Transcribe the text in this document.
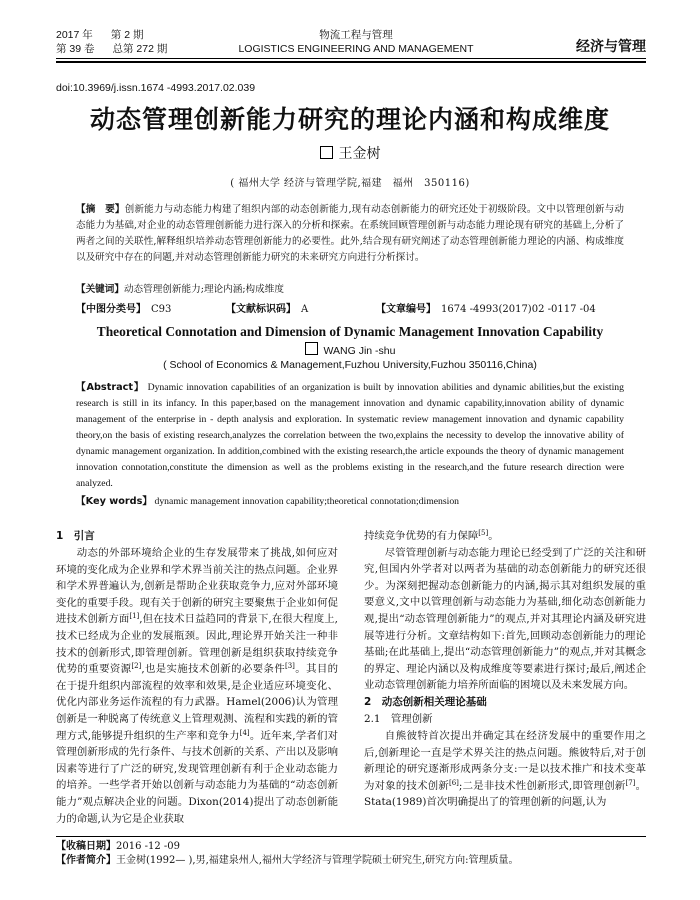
2017 年 第 2 期
第 39 卷 总第 272 期
物流工程与管理
LOGISTICS ENGINEERING AND MANAGEMENT	经济与管理
doi:10.3969/j.issn.1674 -4993.2017.02.039
动态管理创新能力研究的理论内涵和构成维度
王金树
( 福州大学 经济与管理学院,福建　福州　350116)
【摘　要】创新能力与动态能力构建了组织内部的动态创新能力,现有动态创新能力的研究还处于初级阶段。文中以管理创新与动态能力为基础,对企业的动态管理创新能力进行深入的分析和探索。在系统回顾管理创新与动态能力理论现有研究的基础上,分析了两者之间的关联性,解释组织培养动态管理创新能力的必要性。此外,结合现有研究阐述了动态管理创新能力理论的内涵、构成维度以及研究中存在的问题,并对动态管理创新能力研究的未来研究方向进行分析探讨。
【关键词】动态管理创新能力;理论内涵;构成维度
【中图分类号】　 C93	【文献标识码】　 A	【文章编号】　 1674 -4993(2017)02 -0117 -04
Theoretical Connotation and Dimension of Dynamic Management Innovation Capability
WANG Jin -shu
( School of Economics & Management,Fuzhou University,Fuzhou 350116,China)
【Abstract】 Dynamic innovation capabilities of an organization is built by innovation abilities and dynamic abilities,but the existing research is still in its infancy. In this paper,based on the management innovation and dynamic capability,innovation ability of dynamic management of the enterprise in - depth analysis and exploration. In systematic review management innovation and dynamic capability theory,on the basis of existing research,analyzes the correlation between the two,explains the necessity to develop the innovative ability of dynamic management organization. In addition,combined with the existing research,the article expounds the theory of dynamic management innovation connotation,constitute the dimension as well as the problems existing in the research,and the future research direction were analyzed.
【Key words】 dynamic management innovation capability;theoretical connotation;dimension
1　引言

动态的外部环境给企业的生存发展带来了挑战,如何应对环境的变化成为企业界和学术界当前关注的热点问题。企业界和学术界普遍认为,创新是帮助企业获取竞争力,应对外部环境变化的重要手段。现有关于创新的研究主要聚焦于企业如何促进技术创新方面[1],但在技术日益趋同的背景下,在很大程度上,技术已经成为企业的发展瓶颈。因此,理论界开始关注一种非技术的创新形式,即管理创新。管理创新是组织获取持续竞争优势的重要资源[2],也是实施技术创新的必要条件[3]。其目的在于提升组织内部流程的效率和效果,是企业适应环境变化、优化内部业务运作流程的有力武器。Hamel(2006)认为管理创新是一种脱离了传统意义上管理观测、流程和实践的新的管理方式,能够提升组织的生产率和竞争力[4]。近年来,学者们对管理创新形成的先行条件、与技术创新的关系、产出以及影响因素等进行了广泛的研究,发现管理创新有利于企业动态能力的培养。一些学者开始以创新与动态能力为基础的“动态创新能力”观点解决企业的问题。Dixon(2014)提出了动态创新能力的命题,认为它是企业获取

持续竞争优势的有力保障[5]。

尽管管理创新与动态能力理论已经受到了广泛的关注和研究,但国内外学者对以两者为基础的动态创新能力的研究还很少。为深刻把握动态创新能力的内涵,揭示其对组织发展的重要意义,文中以管理创新与动态能力为基础,细化动态创新能力观,提出“动态管理创新能力”的观点,并对其理论内涵及研究进展等进行分析。文章结构如下:首先,回顾动态创新能力的理论基础;在此基础上,提出“动态管理创新能力”的观点,并对其概念的界定、理论内涵以及构成维度等要素进行探讨;最后,阐述企业动态管理创新能力培养所面临的困境以及未来发展方向。

2　动态创新相关理论基础
2.1　管理创新

自熊彼特首次提出并确定其在经济发展中的重要作用之后,创新理论一直是学术界关注的热点问题。熊彼特后,对于创新理论的研究逐渐形成两条分支:一是以技术推广和技术变革为对象的技术创新[6];二是非技术性创新形式,即管理创新[7]。Stata(1989)首次明确提出了的管理创新的问题,认为

【收稿日期】2016 -12 -09
【作者简介】王金树(1992— ),男,福建泉州人,福州大学经济与管理学院硕士研究生,研究方向:管理质量。
